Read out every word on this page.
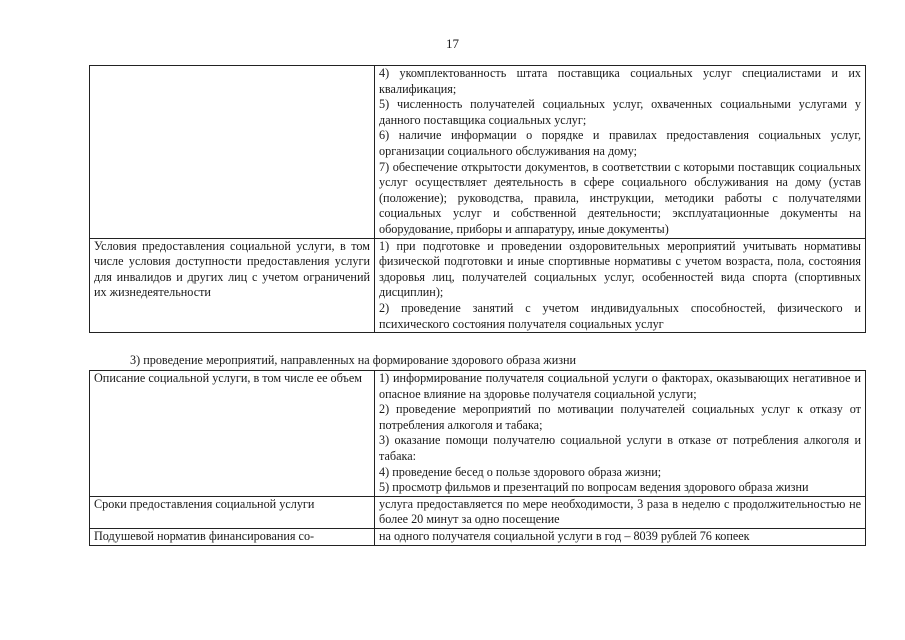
17

	4) укомплектованность штата поставщика социальных услуг специалистами и их квалификация;
5) численность получателей социальных услуг, охваченных социальными услугами у данного поставщика социальных услуг;
6) наличие информации о порядке и правилах предоставления социальных услуг, организации социального обслуживания на дому;
7) обеспечение открытости документов, в соответствии с которыми поставщик социальных услуг осуществляет деятельность в сфере социального обслуживания на дому (устав (положение); руководства, правила, инструкции, методики работы с получателями социальных услуг и собственной деятельности; эксплуатационные документы на оборудование, приборы и аппаратуру, иные документы)

Условия предоставления социальной услуги, в том числе условия доступности предоставления услуги для инвалидов и других лиц с учетом ограничений их жизнедеятельности	1) при подготовке и проведении оздоровительных мероприятий учитывать нормативы физической подготовки и иные спортивные нормативы с учетом возраста, пола, состояния здоровья лиц, получателей социальных услуг, особенностей вида спорта (спортивных дисциплин);
2) проведение занятий с учетом индивидуальных способностей, физического и психического состояния получателя социальных услуг
3) проведение мероприятий, направленных на формирование здорового образа жизни
Описание социальной услуги, в том числе ее объем	1) информирование получателя социальной услуги о факторах, оказывающих негативное и опасное влияние на здоровье получателя социальной услуги;
2) проведение мероприятий по мотивации получателей социальных услуг к отказу от потребления алкоголя и табака;
3) оказание помощи получателю социальной услуги в отказе от потребления алкоголя и табака:
4) проведение бесед о пользе здорового образа жизни;
5) просмотр фильмов и презентаций по вопросам ведения здорового образа жизни

Сроки предоставления социальной услуги	услуга предоставляется по мере необходимости, 3 раза в неделю с продолжительностью не более 20 минут за одно посещение
Подушевой норматив финансирования со-	на одного получателя социальной услуги в год – 8039 рублей 76 копеек
